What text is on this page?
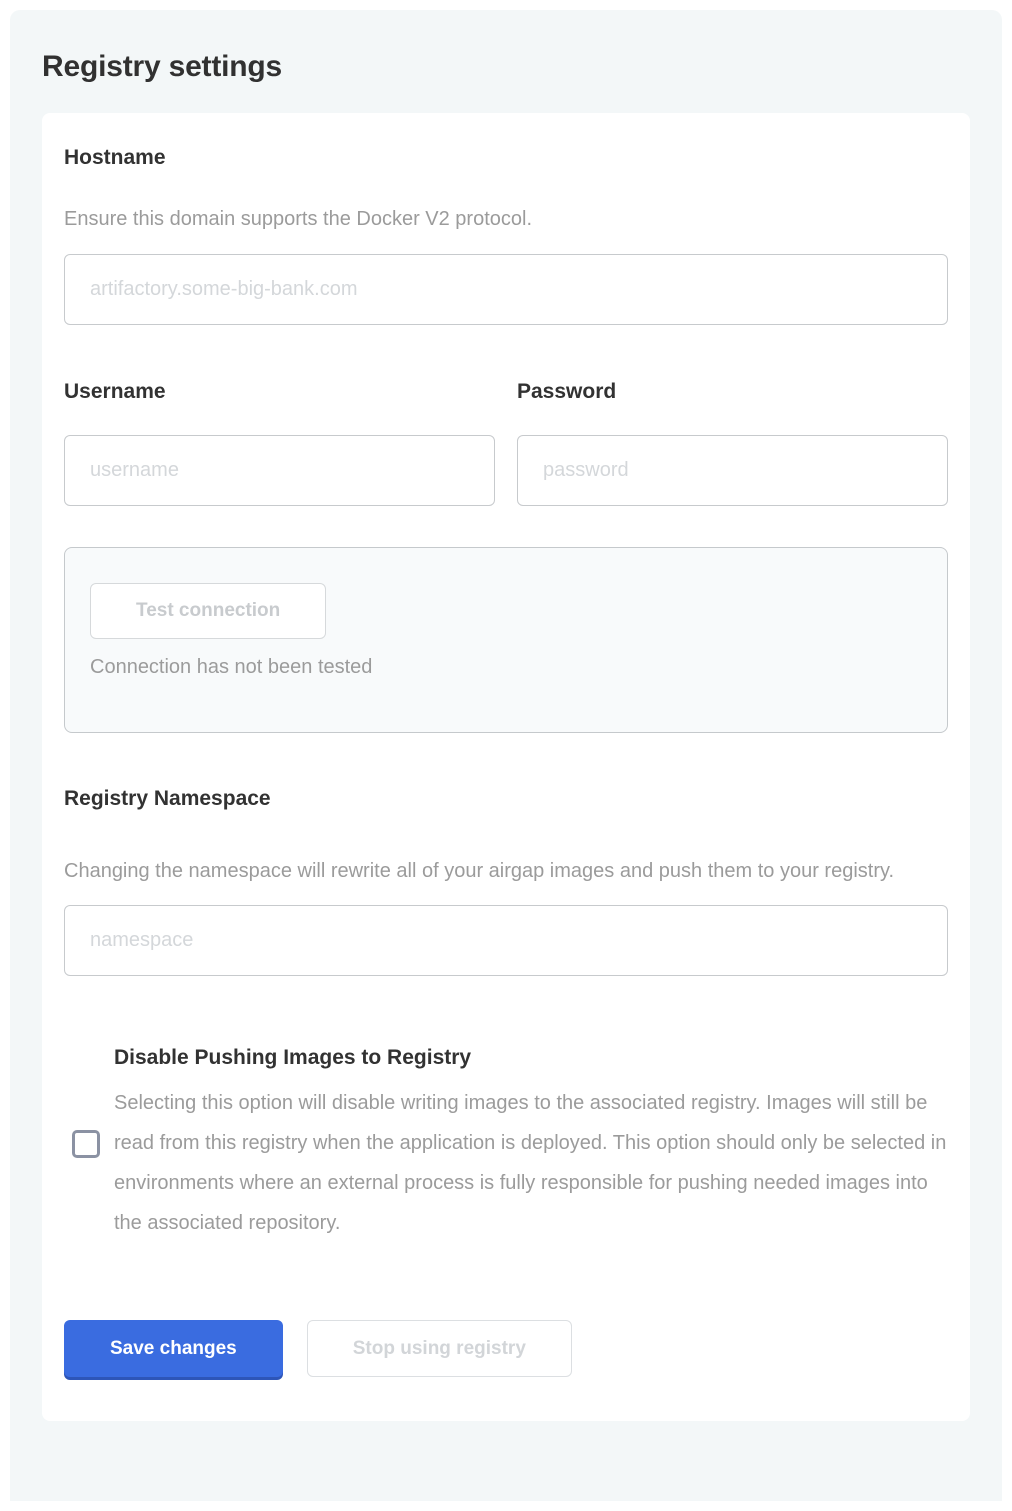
Registry settings
Hostname

Ensure this domain supports the Docker V2 protocol.

artifactory.some-big-bank.com
Username
username	Password
Test connection

Connection has not been tested

Registry Namespace

Changing the namespace will rewrite all of your airgap images and push them to your registry.

namespace
Disable Pushing Images to Registry

Selecting this option will disable writing images to the associated registry. Images will still be read from this registry when the application is deployed. This option should only be selected in environments where an external process is fully responsible for pushing needed images into the associated repository.

Save changes	Stop using registry
